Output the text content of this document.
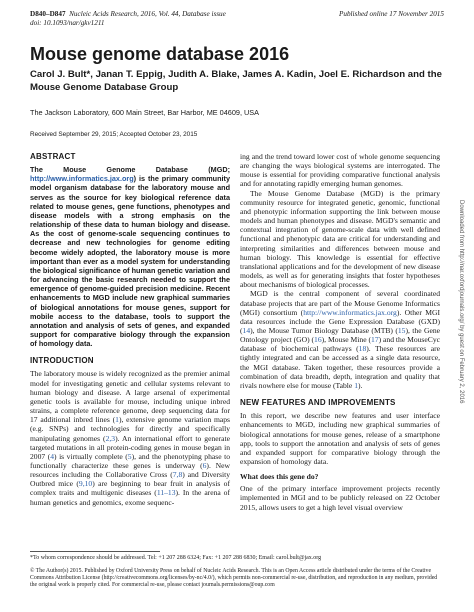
D840–D847 Nucleic Acids Research, 2016, Vol. 44, Database issue
doi: 10.1093/nar/gkv1211
Published online 17 November 2015
Mouse genome database 2016
Carol J. Bult*, Janan T. Eppig, Judith A. Blake, James A. Kadin, Joel E. Richardson and the Mouse Genome Database Group
The Jackson Laboratory, 600 Main Street, Bar Harbor, ME 04609, USA
Received September 29, 2015; Accepted October 23, 2015
ABSTRACT

The Mouse Genome Database (MGD; http://www.informatics.jax.org) is the primary community model organism database for the laboratory mouse and serves as the source for key biological reference data related to mouse genes, gene functions, phenotypes and disease models with a strong emphasis on the relationship of these data to human biology and disease. As the cost of genome-scale sequencing continues to decrease and new technologies for genome editing become widely adopted, the laboratory mouse is more important than ever as a model system for understanding the biological significance of human genetic variation and for advancing the basic research needed to support the emergence of genome-guided precision medicine. Recent enhancements to MGD include new graphical summaries of biological annotations for mouse genes, support for mobile access to the database, tools to support the annotation and analysis of sets of genes, and expanded support for comparative biology through the expansion of homology data.

INTRODUCTION

The laboratory mouse is widely recognized as the premier animal model for investigating genetic and cellular systems relevant to human biology and disease. A large arsenal of experimental genetic tools is available for mouse, including unique inbred strains, a complete reference genome, deep sequencing data for 17 additional inbred lines (1), extensive genome variation maps (e.g. SNPs) and technologies for directly and specifically manipulating genomes (2,3). An international effort to generate targeted mutations in all protein-coding genes in mouse began in 2007 (4) is virtually complete (5), and the phenotyping phase to functionally characterize these genes is underway (6). New resources including the Collaborative Cross (7,8) and Diversity Outbred mice (9,10) are beginning to bear fruit in analysis of complex traits and multigenic diseases (11–13). In the arena of human genetics and genomics, exome sequenc-

ing and the trend toward lower cost of whole genome sequencing are changing the ways biological systems are interrogated. The mouse is essential for providing comparative functional analysis and for annotating rapidly emerging human genomes.

The Mouse Genome Database (MGD) is the primary community resource for integrated genetic, genomic, functional and phenotypic information supporting the link between mouse models and human phenotypes and disease. MGD's semantic and contextual integration of genome-scale data with well defined functional and phenotypic data are critical for understanding and interpreting similarities and differences between mouse and human biology. This knowledge is essential for effective translational applications and for the development of new disease models, as well as for generating insights that foster hypotheses about mechanisms of biological processes.

MGD is the central component of several coordinated database projects that are part of the Mouse Genome Informatics (MGI) consortium (http://www.informatics.jax.org). Other MGI data resources include the Gene Expression Database (GXD) (14), the Mouse Tumor Biology Database (MTB) (15), the Gene Ontology project (GO) (16), Mouse Mine (17) and the MouseCyc database of biochemical pathways (18). These resources are tightly integrated and can be accessed as a single data resource, the MGI database. Taken together, these resources provide a combination of data breadth, depth, integration and quality that rivals nowhere else for mouse (Table 1).

NEW FEATURES AND IMPROVEMENTS

In this report, we describe new features and user interface enhancements to MGD, including new graphical summaries of biological annotations for mouse genes, release of a smartphone app, tools to support the annotation and analysis of sets of genes and expanded support for comparative biology through the expansion of homology data.

What does this gene do?

One of the primary interface improvement projects recently implemented in MGI and to be publicly released on 22 October 2015, allows users to get a high level visual overview

*To whom correspondence should be addressed. Tel: +1 207 288 6324; Fax: +1 207 288 6830; Email: carol.bult@jax.org
© The Author(s) 2015. Published by Oxford University Press on behalf of Nucleic Acids Research. This is an Open Access article distributed under the terms of the Creative Commons Attribution License (http://creativecommons.org/licenses/by-nc/4.0/), which permits non-commercial re-use, distribution, and reproduction in any medium, provided the original work is properly cited. For commercial re-use, please contact journals.permissions@oup.com
Downloaded from http://nar.oxfordjournals.org/ by guest on February 2, 2016
